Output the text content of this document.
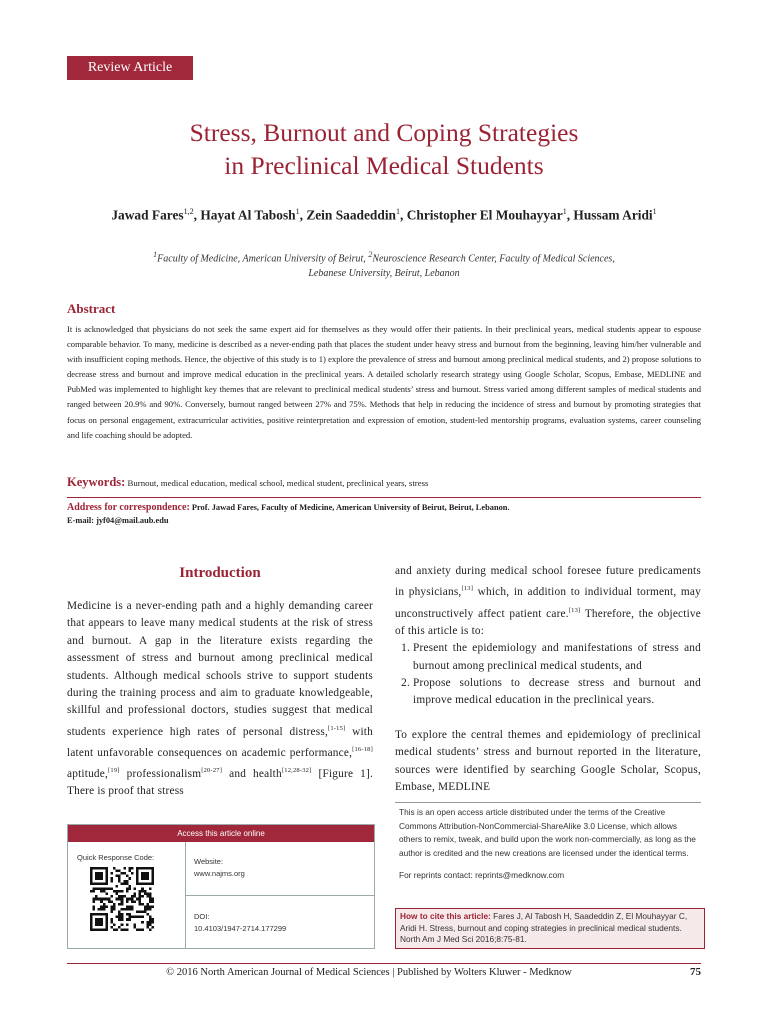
Review Article
Stress, Burnout and Coping Strategies
in Preclinical Medical Students
Jawad Fares$^{1,2}$, Hayat Al Tabosh$^1$, Zein Saadeddin$^1$, Christopher El Mouhayyar$^1$, Hussam Aridi$^1$
$^1$Faculty of Medicine, American University of Beirut, $^2$Neuroscience Research Center, Faculty of Medical Sciences,
Lebanese University, Beirut, Lebanon
Abstract
It is acknowledged that physicians do not seek the same expert aid for themselves as they would offer their patients. In their preclinical years, medical students appear to espouse comparable behavior. To many, medicine is described as a never-ending path that places the student under heavy stress and burnout from the beginning, leaving him/her vulnerable and with insufficient coping methods. Hence, the objective of this study is to 1) explore the prevalence of stress and burnout among preclinical medical students, and 2) propose solutions to decrease stress and burnout and improve medical education in the preclinical years. A detailed scholarly research strategy using Google Scholar, Scopus, Embase, MEDLINE and PubMed was implemented to highlight key themes that are relevant to preclinical medical students’ stress and burnout. Stress varied among different samples of medical students and ranged between 20.9% and 90%. Conversely, burnout ranged between 27% and 75%. Methods that help in reducing the incidence of stress and burnout by promoting strategies that focus on personal engagement, extracurricular activities, positive reinterpretation and expression of emotion, student-led mentorship programs, evaluation systems, career counseling and life coaching should be adopted.
Keywords: Burnout, medical education, medical school, medical student, preclinical years, stress
Address for correspondence: Prof. Jawad Fares, Faculty of Medicine, American University of Beirut, Beirut, Lebanon.
E-mail: jyf04@mail.aub.edu
Introduction
Medicine is a never-ending path and a highly demanding career that appears to leave many medical students at the risk of stress and burnout. A gap in the literature exists regarding the assessment of stress and burnout among preclinical medical students. Although medical schools strive to support students during the training process and aim to graduate knowledgeable, skillful and professional doctors, studies suggest that medical students experience high rates of personal distress,[1-15] with latent unfavorable consequences on academic performance,[16-18] aptitude,[19] professionalism[20-27] and health[12,28-32] [Figure 1]. There is proof that stress

and anxiety during medical school foresee future predicaments in physicians,[13] which, in addition to individual torment, may unconstructively affect patient care.[13] Therefore, the objective of this article is to:

1. Present the epidemiology and manifestations of stress and burnout among preclinical medical students, and
2. Propose solutions to decrease stress and burnout and improve medical education in the preclinical years.

To explore the central themes and epidemiology of preclinical medical students’ stress and burnout reported in the literature, sources were identified by searching Google Scholar, Scopus, Embase, MEDLINE

Access this article online
Quick Response Code:	Website:
www.najms.org
DOI:
10.4103/1947-2714.177299

This is an open access article distributed under the terms of the Creative Commons Attribution-NonCommercial-ShareAlike 3.0 License, which allows others to remix, tweak, and build upon the work non-commercially, as long as the author is credited and the new creations are licensed under the identical terms.

For reprints contact: reprints@medknow.com

How to cite this article: Fares J, Al Tabosh H, Saadeddin Z, El Mouhayyar C, Aridi H. Stress, burnout and coping strategies in preclinical medical students. North Am J Med Sci 2016;8:75-81.
© 2016 North American Journal of Medical Sciences | Published by Wolters Kluwer - Medknow	75
